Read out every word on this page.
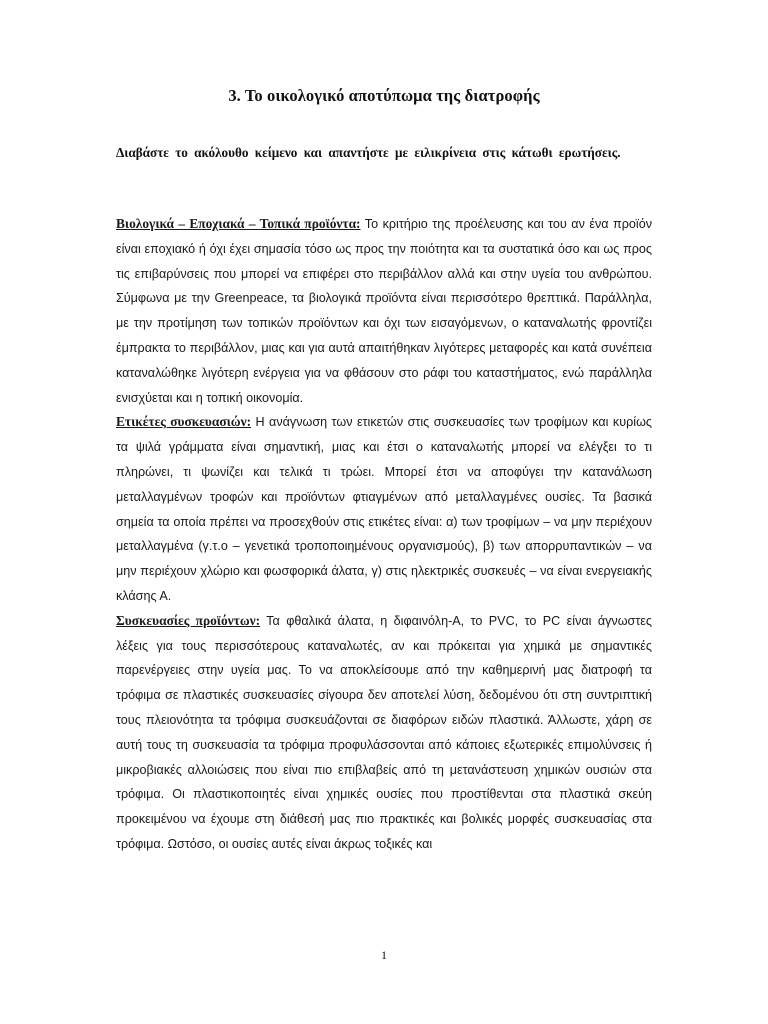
3. Το οικολογικό αποτύπωμα της διατροφής
Διαβάστε το ακόλουθο κείμενο και απαντήστε με ειλικρίνεια στις κάτωθι ερωτήσεις.

Βιολογικά – Εποχιακά – Τοπικά προϊόντα: Το κριτήριο της προέλευσης και του αν ένα προϊόν είναι εποχιακό ή όχι έχει σημασία τόσο ως προς την ποιότητα και τα συστατικά όσο και ως προς τις επιβαρύνσεις που μπορεί να επιφέρει στο περιβάλλον αλλά και στην υγεία του ανθρώπου. Σύμφωνα με την Greenpeace, τα βιολογικά προϊόντα είναι περισσότερο θρεπτικά. Παράλληλα, με την προτίμηση των τοπικών προϊόντων και όχι των εισαγόμενων, ο καταναλωτής φροντίζει έμπρακτα το περιβάλλον, μιας και για αυτά απαιτήθηκαν λιγότερες μεταφορές και κατά συνέπεια καταναλώθηκε λιγότερη ενέργεια για να φθάσουν στο ράφι του καταστήματος, ενώ παράλληλα ενισχύεται και η τοπική οικονομία.

Ετικέτες συσκευασιών: Η ανάγνωση των ετικετών στις συσκευασίες των τροφίμων και κυρίως τα ψιλά γράμματα είναι σημαντική, μιας και έτσι ο καταναλωτής μπορεί να ελέγξει το τι πληρώνει, τι ψωνίζει και τελικά τι τρώει. Μπορεί έτσι να αποφύγει την κατανάλωση μεταλλαγμένων τροφών και προϊόντων φτιαγμένων από μεταλλαγμένες ουσίες. Τα βασικά σημεία τα οποία πρέπει να προσεχθούν στις ετικέτες είναι: α) των τροφίμων – να μην περιέχουν μεταλλαγμένα (γ.τ.ο – γενετικά τροποποιημένους οργανισμούς), β) των απορρυπαντικών – να μην περιέχουν χλώριο και φωσφορικά άλατα, γ) στις ηλεκτρικές συσκευές – να είναι ενεργειακής κλάσης Α.

Συσκευασίες προϊόντων: Τα φθαλικά άλατα, η διφαινόλη-Α, το PVC, το PC είναι άγνωστες λέξεις για τους περισσότερους καταναλωτές, αν και πρόκειται για χημικά με σημαντικές παρενέργειες στην υγεία μας. Το να αποκλείσουμε από την καθημερινή μας διατροφή τα τρόφιμα σε πλαστικές συσκευασίες σίγουρα δεν αποτελεί λύση, δεδομένου ότι στη συντριπτική τους πλειονότητα τα τρόφιμα συσκευάζονται σε διαφόρων ειδών πλαστικά. Άλλωστε, χάρη σε αυτή τους τη συσκευασία τα τρόφιμα προφυλάσσονται από κάποιες εξωτερικές επιμολύνσεις ή μικροβιακές αλλοιώσεις που είναι πιο επιβλαβείς από τη μετανάστευση χημικών ουσιών στα τρόφιμα. Οι πλαστικοποιητές είναι χημικές ουσίες που προστίθενται στα πλαστικά σκεύη προκειμένου να έχουμε στη διάθεσή μας πιο πρακτικές και βολικές μορφές συσκευασίας στα τρόφιμα. Ωστόσο, οι ουσίες αυτές είναι άκρως τοξικές και

1
